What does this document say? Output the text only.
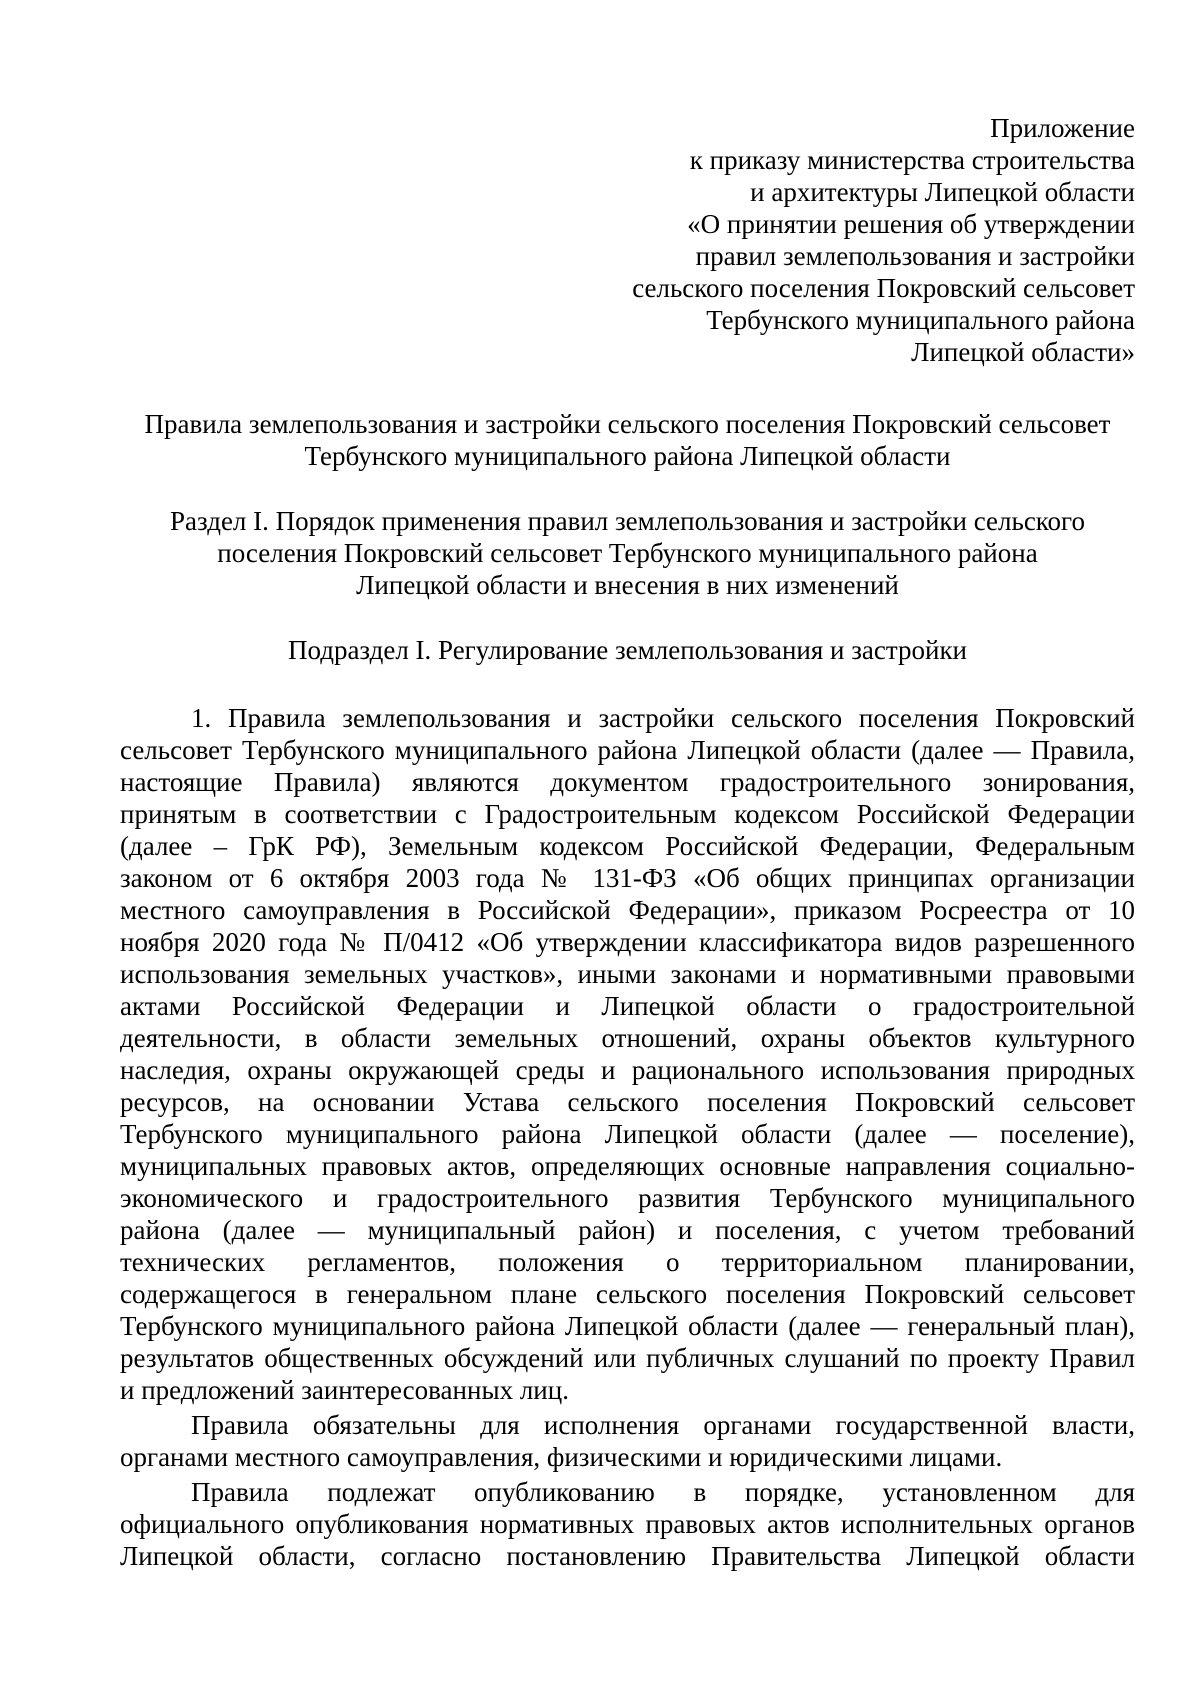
Приложение
к приказу министерства строительства
и архитектуры Липецкой области
«О принятии решения об утверждении
правил землепользования и застройки
сельского поселения Покровский сельсовет
Тербунского муниципального района
Липецкой области»
Правила землепользования и застройки сельского поселения Покровский сельсовет
Тербунского муниципального района Липецкой области
Раздел I. Порядок применения правил землепользования и застройки сельского
поселения Покровский сельсовет Тербунского муниципального района
Липецкой области и внесения в них изменений
Подраздел I. Регулирование землепользования и застройки
1. Правила землепользования и застройки сельского поселения Покровский
сельсовет Тербунского муниципального района Липецкой области (далее — Правила,
настоящие Правила) являются документом градостроительного зонирования,
принятым в соответствии с Градостроительным кодексом Российской Федерации
(далее – ГрК РФ), Земельным кодексом Российской Федерации, Федеральным
законом от 6 октября 2003 года № 131-ФЗ «Об общих принципах организации
местного самоуправления в Российской Федерации», приказом Росреестра от 10
ноября 2020 года № П/0412 «Об утверждении классификатора видов разрешенного
использования земельных участков», иными законами и нормативными правовыми
актами Российской Федерации и Липецкой области о градостроительной
деятельности, в области земельных отношений, охраны объектов культурного
наследия, охраны окружающей среды и рационального использования природных
ресурсов, на основании Устава сельского поселения Покровский сельсовет
Тербунского муниципального района Липецкой области (далее — поселение),
муниципальных правовых актов, определяющих основные направления социально-
экономического и градостроительного развития Тербунского муниципального
района (далее — муниципальный район) и поселения, с учетом требований
технических регламентов, положения о территориальном планировании,
содержащегося в генеральном плане сельского поселения Покровский сельсовет
Тербунского муниципального района Липецкой области (далее — генеральный план),
результатов общественных обсуждений или публичных слушаний по проекту Правил
и предложений заинтересованных лиц.
Правила обязательны для исполнения органами государственной власти,
органами местного самоуправления, физическими и юридическими лицами.
Правила подлежат опубликованию в порядке, установленном для
официального опубликования нормативных правовых актов исполнительных органов
Липецкой области, согласно постановлению Правительства Липецкой области
